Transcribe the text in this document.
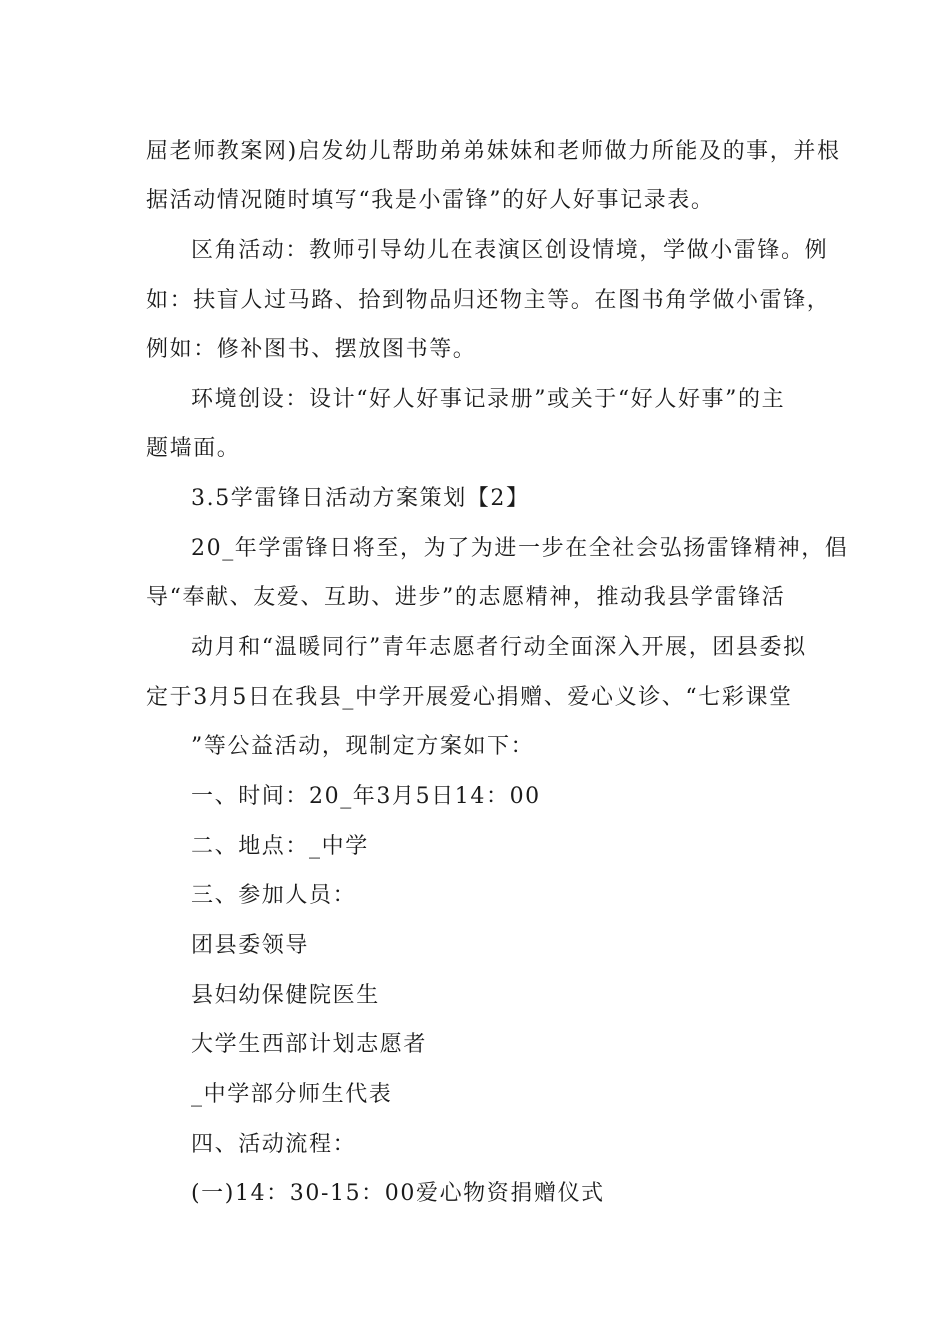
屈老师教案网)启发幼儿帮助弟弟妹妹和老师做力所能及的事，并根
据活动情况随时填写“我是小雷锋”的好人好事记录表。
区角活动：教师引导幼儿在表演区创设情境，学做小雷锋。例
如：扶盲人过马路、拾到物品归还物主等。在图书角学做小雷锋，
例如：修补图书、摆放图书等。
环境创设：设计“好人好事记录册”或关于“好人好事”的主
题墙面。
3.5学雷锋日活动方案策划【2】
20_年学雷锋日将至，为了为进一步在全社会弘扬雷锋精神，倡
导“奉献、友爱、互助、进步”的志愿精神，推动我县学雷锋活
动月和“温暖同行”青年志愿者行动全面深入开展，团县委拟
定于3月5日在我县_中学开展爱心捐赠、爱心义诊、“七彩课堂
”等公益活动，现制定方案如下：
一、时间：20_年3月5日14：00
二、地点：_中学
三、参加人员：
团县委领导
县妇幼保健院医生
大学生西部计划志愿者
_中学部分师生代表
四、活动流程：
(一)14：30-15：00爱心物资捐赠仪式
